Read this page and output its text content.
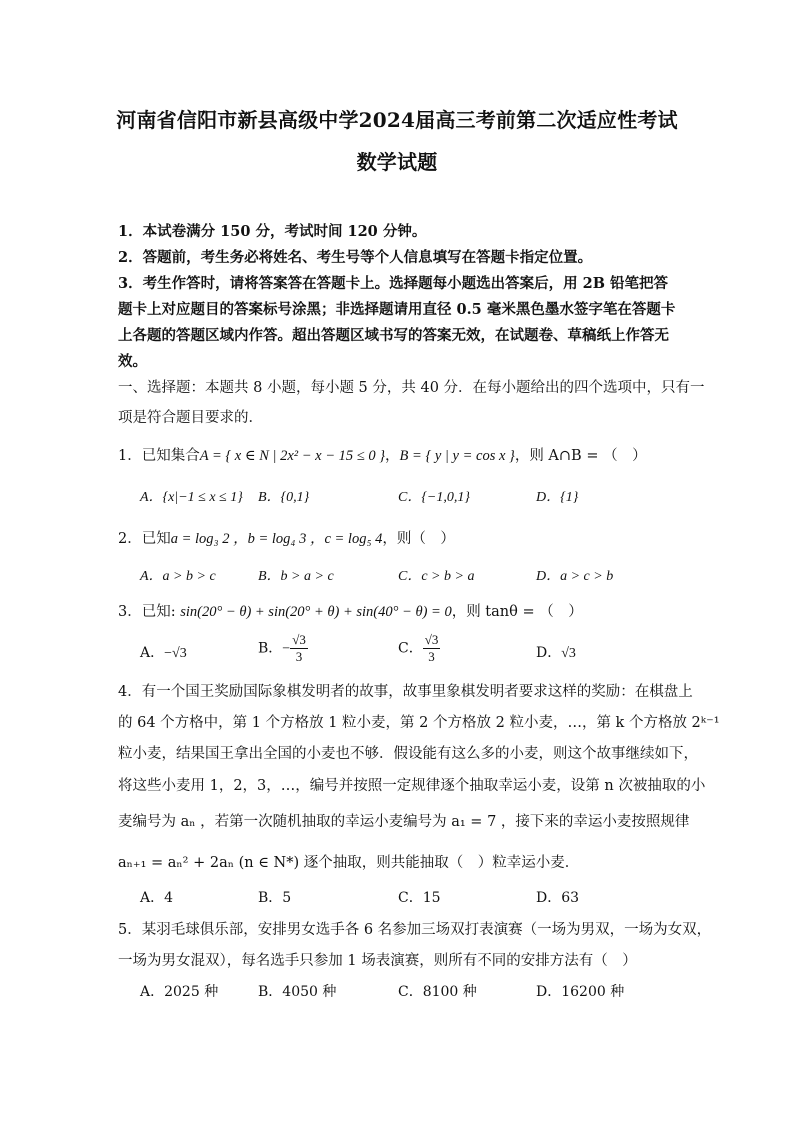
河南省信阳市新县高级中学2024届高三考前第二次适应性考试
数学试题
1．本试卷满分 150 分，考试时间 120 分钟。
2．答题前，考生务必将姓名、考生号等个人信息填写在答题卡指定位置。
3．考生作答时，请将答案答在答题卡上。选择题每小题选出答案后，用 2B 铅笔把答题卡上对应题目的答案标号涂黑；非选择题请用直径 0.5 毫米黑色墨水签字笔在答题卡上各题的答题区域内作答。超出答题区域书写的答案无效，在试题卷、草稿纸上作答无效。
一、选择题：本题共 8 小题，每小题 5 分，共 40 分．在每小题给出的四个选项中，只有一
项是符合题目要求的．
1．已知集合A = { x ∈ N | 2x² − x − 15 ≤ 0 }，B = { y | y = cos x }，则 A∩B = （　）
A．{x|−1 ≤ x ≤ 1} B．{0,1}	C．{−1,0,1}	D．{1}
2．已知a = log₃ 2 ，b = log₄ 3 ，c = log₅ 4，则（　）
A．a > b > c	B．b > a > c	C．c > b > a	D．a > c > b
3．已知: sin(20° − θ) + sin(20° + θ) + sin(40° − θ) = 0，则 tanθ = （　）
A．−√3	B．− $\frac{√3}{3}$	C． $\frac{√3}{3}$	D．√3
4．有一个国王奖励国际象棋发明者的故事，故事里象棋发明者要求这样的奖励：在棋盘上
的 64 个方格中，第 1 个方格放 1 粒小麦，第 2 个方格放 2 粒小麦，…，第 k 个方格放 2ᵏ⁻¹
粒小麦，结果国王拿出全国的小麦也不够．假设能有这么多的小麦，则这个故事继续如下，
将这些小麦用 1，2，3，…，编号并按照一定规律逐个抽取幸运小麦，设第 n 次被抽取的小
麦编号为 aₙ ，若第一次随机抽取的幸运小麦编号为 a₁ = 7 ，接下来的幸运小麦按照规律
aₙ₊₁ = aₙ² + 2aₙ (n ∈ N*) 逐个抽取，则共能抽取（　）粒幸运小麦．
A．4	B．5	C．15	D．63
5．某羽毛球俱乐部，安排男女选手各 6 名参加三场双打表演赛（一场为男双，一场为女双，
一场为男女混双），每名选手只参加 1 场表演赛，则所有不同的安排方法有（　）
A．2025 种	B．4050 种	C．8100 种	D．16200 种
